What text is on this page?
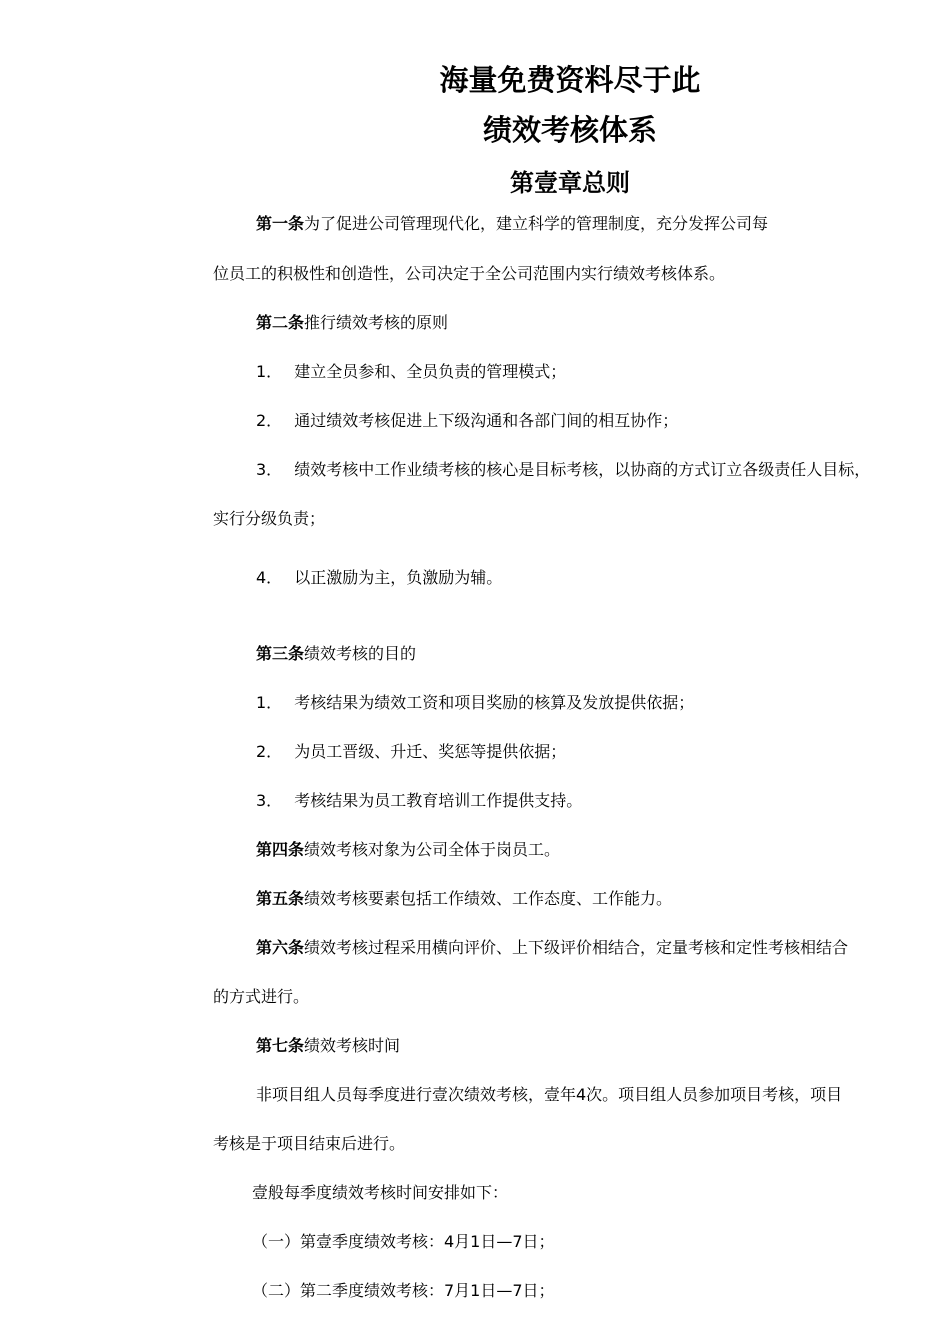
海量免费资料尽于此
绩效考核体系
第壹章总则
第一条为了促进公司管理现代化，建立科学的管理制度，充分发挥公司每
位员工的积极性和创造性，公司决定于全公司范围内实行绩效考核体系。
第二条推行绩效考核的原则
1． 建立全员参和、全员负责的管理模式；
2． 通过绩效考核促进上下级沟通和各部门间的相互协作；
3． 绩效考核中工作业绩考核的核心是目标考核，以协商的方式订立各级责任人目标，
实行分级负责；
4． 以正激励为主，负激励为辅。
第三条绩效考核的目的
1． 考核结果为绩效工资和项目奖励的核算及发放提供依据；
2． 为员工晋级、升迁、奖惩等提供依据；
3． 考核结果为员工教育培训工作提供支持。
第四条绩效考核对象为公司全体于岗员工。
第五条绩效考核要素包括工作绩效、工作态度、工作能力。
第六条绩效考核过程采用横向评价、上下级评价相结合，定量考核和定性考核相结合
的方式进行。
第七条绩效考核时间
非项目组人员每季度进行壹次绩效考核，壹年4次。项目组人员参加项目考核，项目
考核是于项目结束后进行。
壹般每季度绩效考核时间安排如下：
（一）第壹季度绩效考核：4月1日—7日；
（二）第二季度绩效考核：7月1日—7日；
